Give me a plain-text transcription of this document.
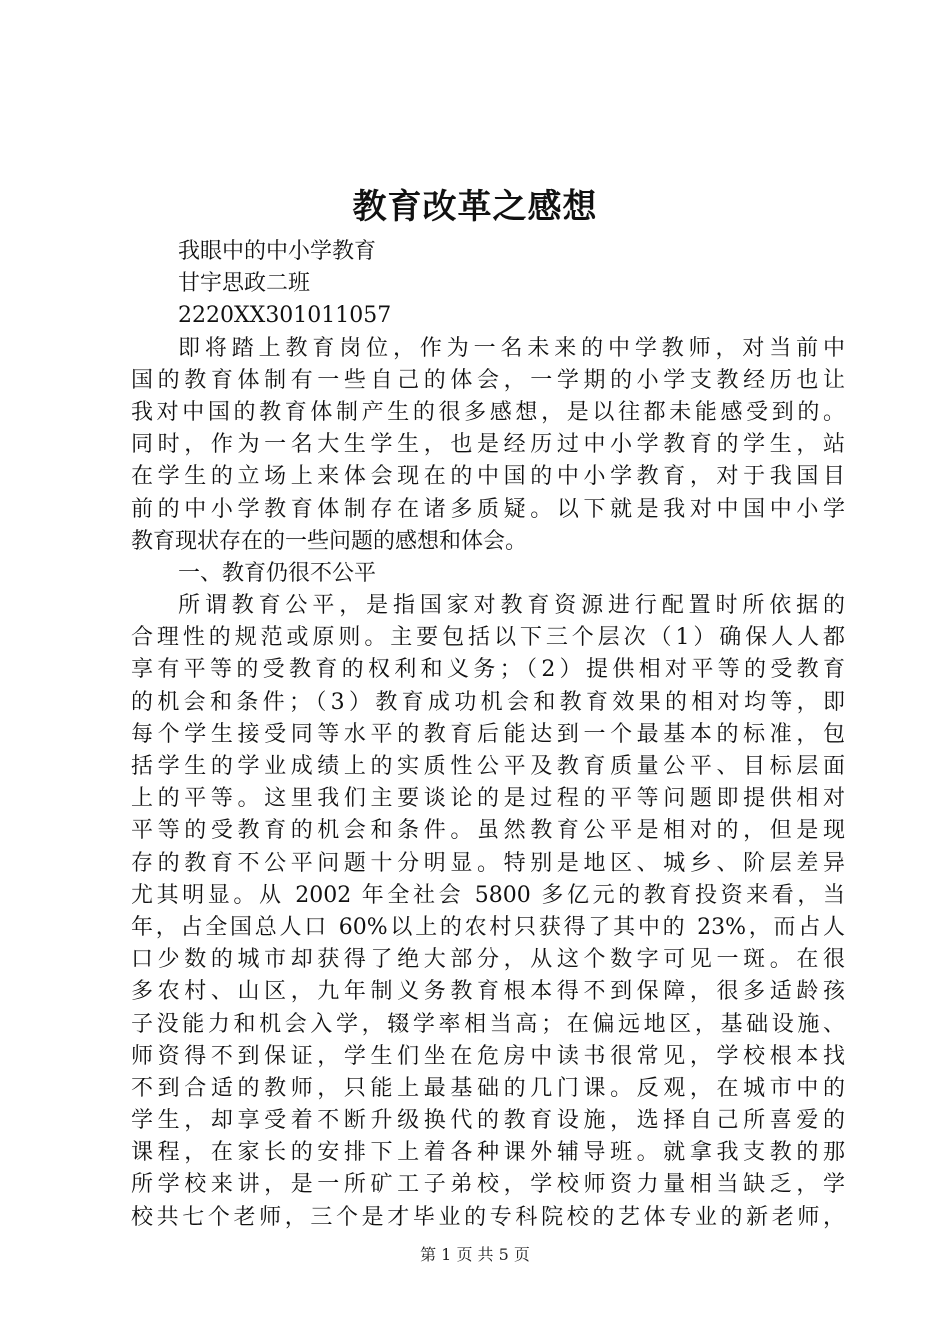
教育改革之感想
我眼中的中小学教育
甘宇思政二班
2220XX301011057
即将踏上教育岗位，作为一名未来的中学教师，对当前中
国的教育体制有一些自己的体会，一学期的小学支教经历也让
我对中国的教育体制产生的很多感想，是以往都未能感受到的。
同时，作为一名大生学生，也是经历过中小学教育的学生，站
在学生的立场上来体会现在的中国的中小学教育，对于我国目
前的中小学教育体制存在诸多质疑。以下就是我对中国中小学
教育现状存在的一些问题的感想和体会。
一、教育仍很不公平
所谓教育公平，是指国家对教育资源进行配置时所依据的
合理性的规范或原则。主要包括以下三个层次（1）确保人人都
享有平等的受教育的权利和义务；（2）提供相对平等的受教育
的机会和条件；（3）教育成功机会和教育效果的相对均等，即
每个学生接受同等水平的教育后能达到一个最基本的标准，包
括学生的学业成绩上的实质性公平及教育质量公平、目标层面
上的平等。这里我们主要谈论的是过程的平等问题即提供相对
平等的受教育的机会和条件。虽然教育公平是相对的，但是现
存的教育不公平问题十分明显。特别是地区、城乡、阶层差异
尤其明显。从 2002 年全社会 5800 多亿元的教育投资来看，当
年，占全国总人口 60%以上的农村只获得了其中的 23%，而占人
口少数的城市却获得了绝大部分，从这个数字可见一斑。在很
多农村、山区，九年制义务教育根本得不到保障，很多适龄孩
子没能力和机会入学，辍学率相当高；在偏远地区，基础设施、
师资得不到保证，学生们坐在危房中读书很常见，学校根本找
不到合适的教师，只能上最基础的几门课。反观，在城市中的
学生，却享受着不断升级换代的教育设施，选择自己所喜爱的
课程，在家长的安排下上着各种课外辅导班。就拿我支教的那
所学校来讲，是一所矿工子弟校，学校师资力量相当缺乏，学
校共七个老师，三个是才毕业的专科院校的艺体专业的新老师，
第 1 页 共 5 页
